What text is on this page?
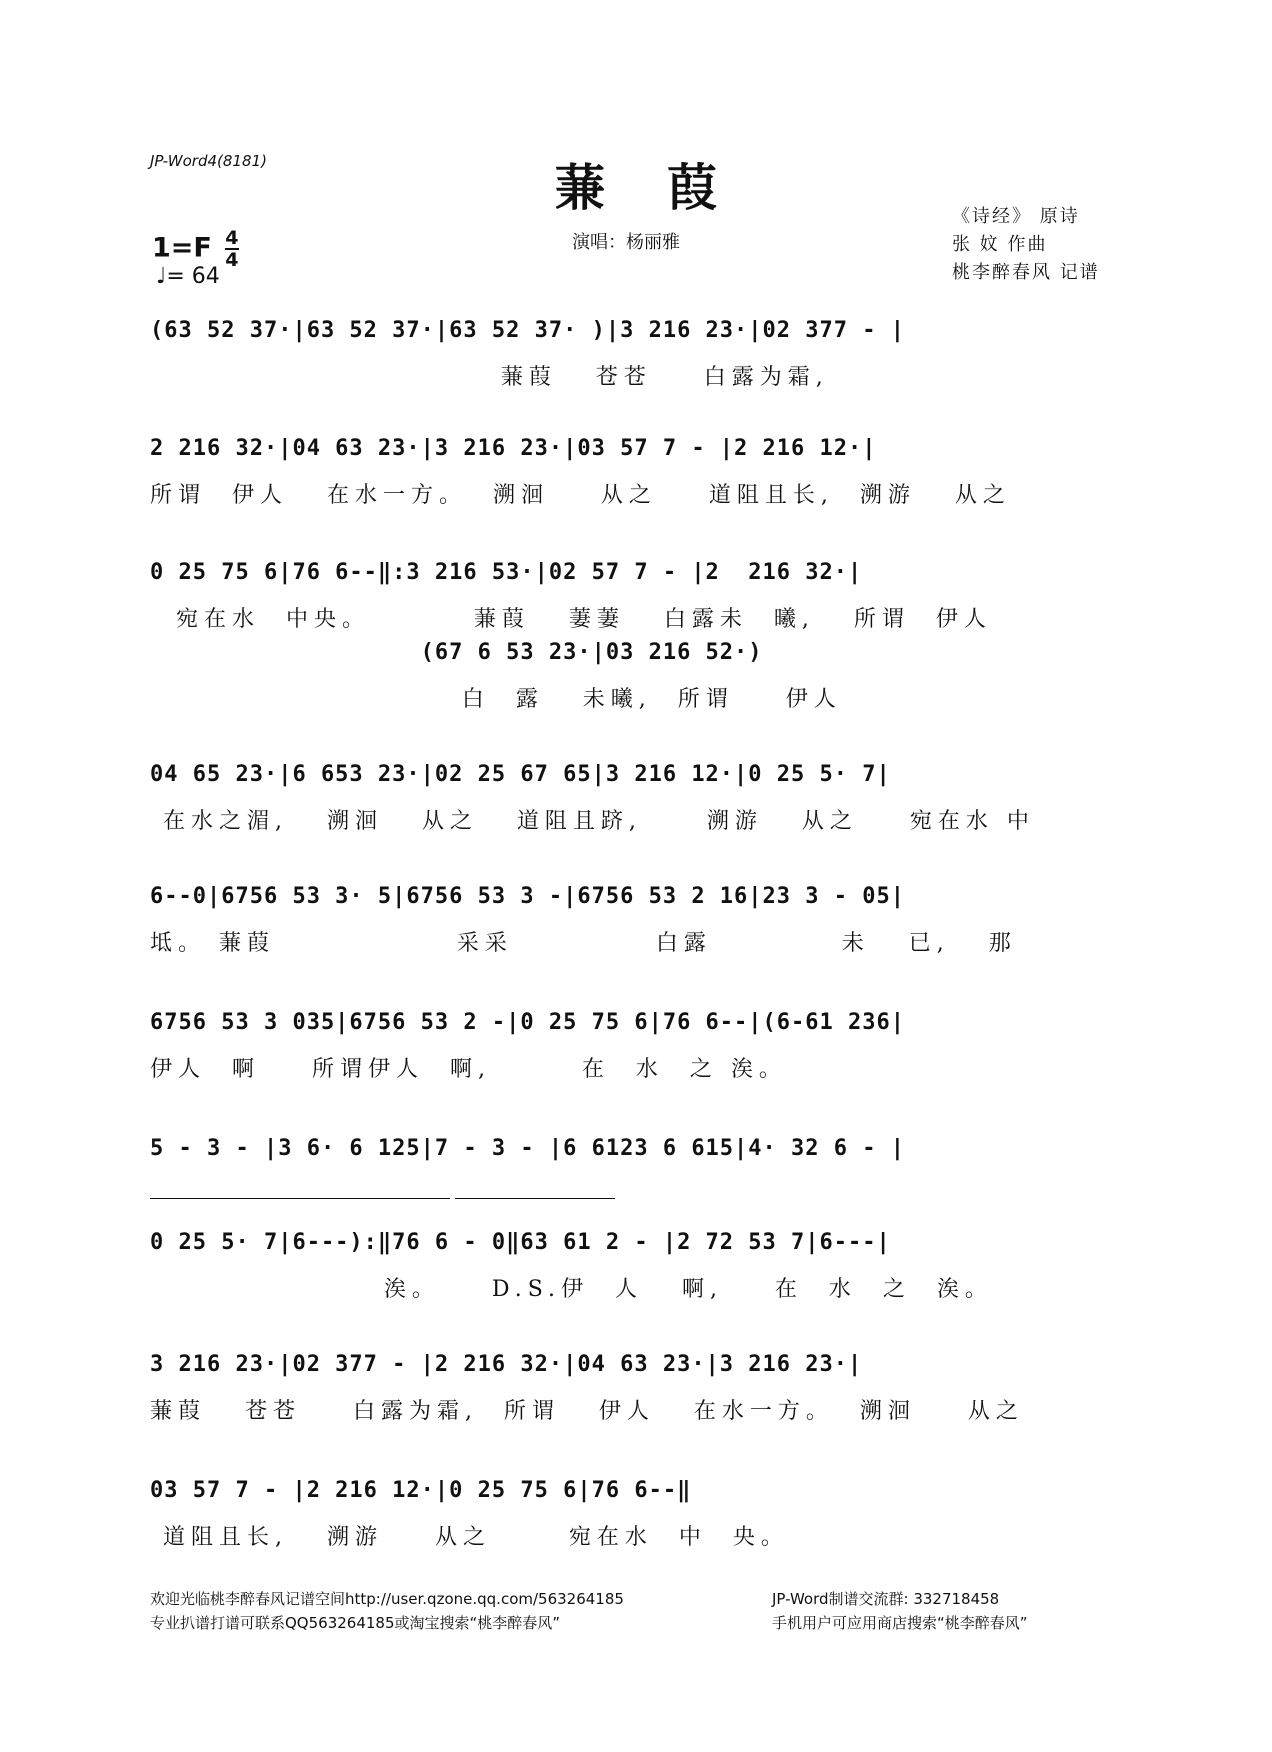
JP-Word4(8181)	蒹葭
$1=F \frac{4}{4}$
♩= 64
演唱：杨丽雅
《诗经》 原诗
张 妏 作曲
桃李醉春风 记谱
(63 52 37·|63 52 37·|63 52 37· )|3 216 23·|02 377 - |
蒹葭   苍苍    白露为霜,
2 216 32·|04 63 23·|3 216 23·|03 57 7 - |2 216 12·|
所谓  伊人   在水一方。  溯洄    从之    道阻且长,  溯游   从之
0 25 75 6|76 6--‖:3 216 53·|02 57 7 - |2  216 32·|
宛在水  中央。        蒹葭   萋萋   白露未  曦,   所谓  伊人
(67 6 53 23·|03 216 52·)
白  露   未曦,  所谓    伊人
04 65 23·|6 653 23·|02 25 67 65|3 216 12·|0 25 5· 7|
在水之湄,   溯洄   从之   道阻且跻,     溯游   从之    宛在水 中
6--0|6756 53 3· 5|6756 53 3 -|6756 53 2 16|23 3 - 05|
坻。 蒹葭              采采           白露          未   已,   那
6756 53 3 035|6756 53 2 -|0 25 75 6|76 6--|(6-61 236|
伊人  啊    所谓伊人  啊,       在  水  之 涘。
5 - 3 - |3 6· 6 125|7 - 3 - |6 6123 6 615|4· 32 6 - |
0 25 5· 7|6---):‖76 6 - 0‖63 61 2 - |2 72 53 7|6---|
涘。    D.S.伊  人   啊,    在  水  之  涘。
3 216 23·|02 377 - |2 216 32·|04 63 23·|3 216 23·|
蒹葭   苍苍    白露为霜,  所谓   伊人   在水一方。  溯洄    从之
03 57 7 - |2 216 12·|0 25 75 6|76 6--‖
道阻且长,   溯游    从之      宛在水  中  央。
欢迎光临桃李醉春风记谱空间http://user.qzone.qq.com/563264185	JP-Word制谱交流群: 332718458
专业扒谱打谱可联系QQ563264185或淘宝搜索“桃李醉春风”	手机用户可应用商店搜索“桃李醉春风”
